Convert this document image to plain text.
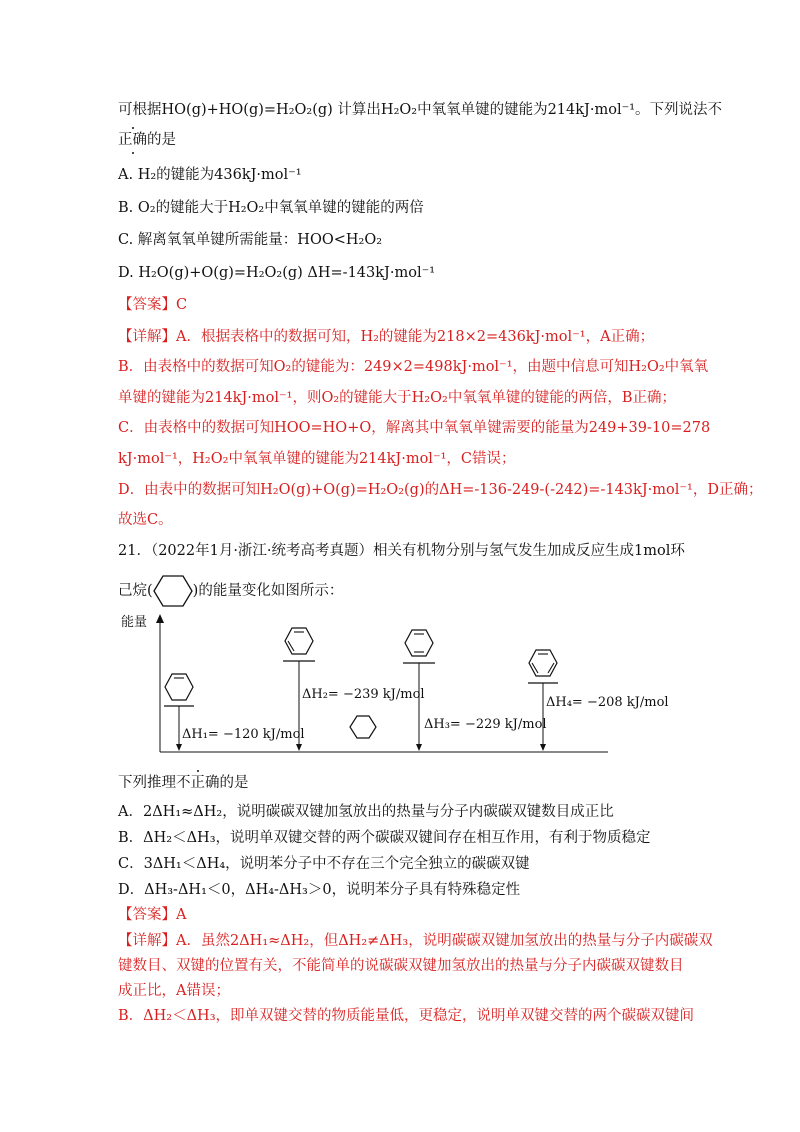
可根据HO(g)+HO(g)=H₂O₂(g) 计算出H₂O₂中氧氧单键的键能为214kJ·mol⁻¹。下列说法不
正确的是
A. H₂的键能为436kJ·mol⁻¹
B. O₂的键能大于H₂O₂中氧氧单键的键能的两倍
C. 解离氧氧单键所需能量：HOO<H₂O₂
D. H₂O(g)+O(g)=H₂O₂(g) ΔH=-143kJ·mol⁻¹
【答案】C
【详解】A．根据表格中的数据可知，H₂的键能为218×2=436kJ·mol⁻¹，A正确；
B．由表格中的数据可知O₂的键能为：249×2=498kJ·mol⁻¹，由题中信息可知H₂O₂中氧氧
单键的键能为214kJ·mol⁻¹，则O₂的键能大于H₂O₂中氧氧单键的键能的两倍，B正确；
C．由表格中的数据可知HOO=HO+O，解离其中氧氧单键需要的能量为249+39-10=278
kJ·mol⁻¹，H₂O₂中氧氧单键的键能为214kJ·mol⁻¹，C错误；
D．由表中的数据可知H₂O(g)+O(g)=H₂O₂(g)的ΔH=-136-249-(-242)=-143kJ·mol⁻¹，D正确；
故选C。
21．（2022年1月·浙江·统考高考真题）相关有机物分别与氢气发生加成反应生成1mol环
己烷(	)的能量变化如图所示：
能量
ΔH₁= −120 kJ/mol
ΔH₂= −239 kJ/mol
ΔH₃= −229 kJ/mol
ΔH₄= −208 kJ/mol
下列推理不正确的是
A．2ΔH₁≈ΔH₂，说明碳碳双键加氢放出的热量与分子内碳碳双键数目成正比
B．ΔH₂＜ΔH₃，说明单双键交替的两个碳碳双键间存在相互作用，有利于物质稳定
C．3ΔH₁＜ΔH₄，说明苯分子中不存在三个完全独立的碳碳双键
D．ΔH₃-ΔH₁＜0，ΔH₄-ΔH₃＞0，说明苯分子具有特殊稳定性
【答案】A
【详解】A．虽然2ΔH₁≈ΔH₂，但ΔH₂≠ΔH₃，说明碳碳双键加氢放出的热量与分子内碳碳双
键数目、双键的位置有关，不能简单的说碳碳双键加氢放出的热量与分子内碳碳双键数目
成正比，A错误；
B．ΔH₂＜ΔH₃，即单双键交替的物质能量低，更稳定，说明单双键交替的两个碳碳双键间
